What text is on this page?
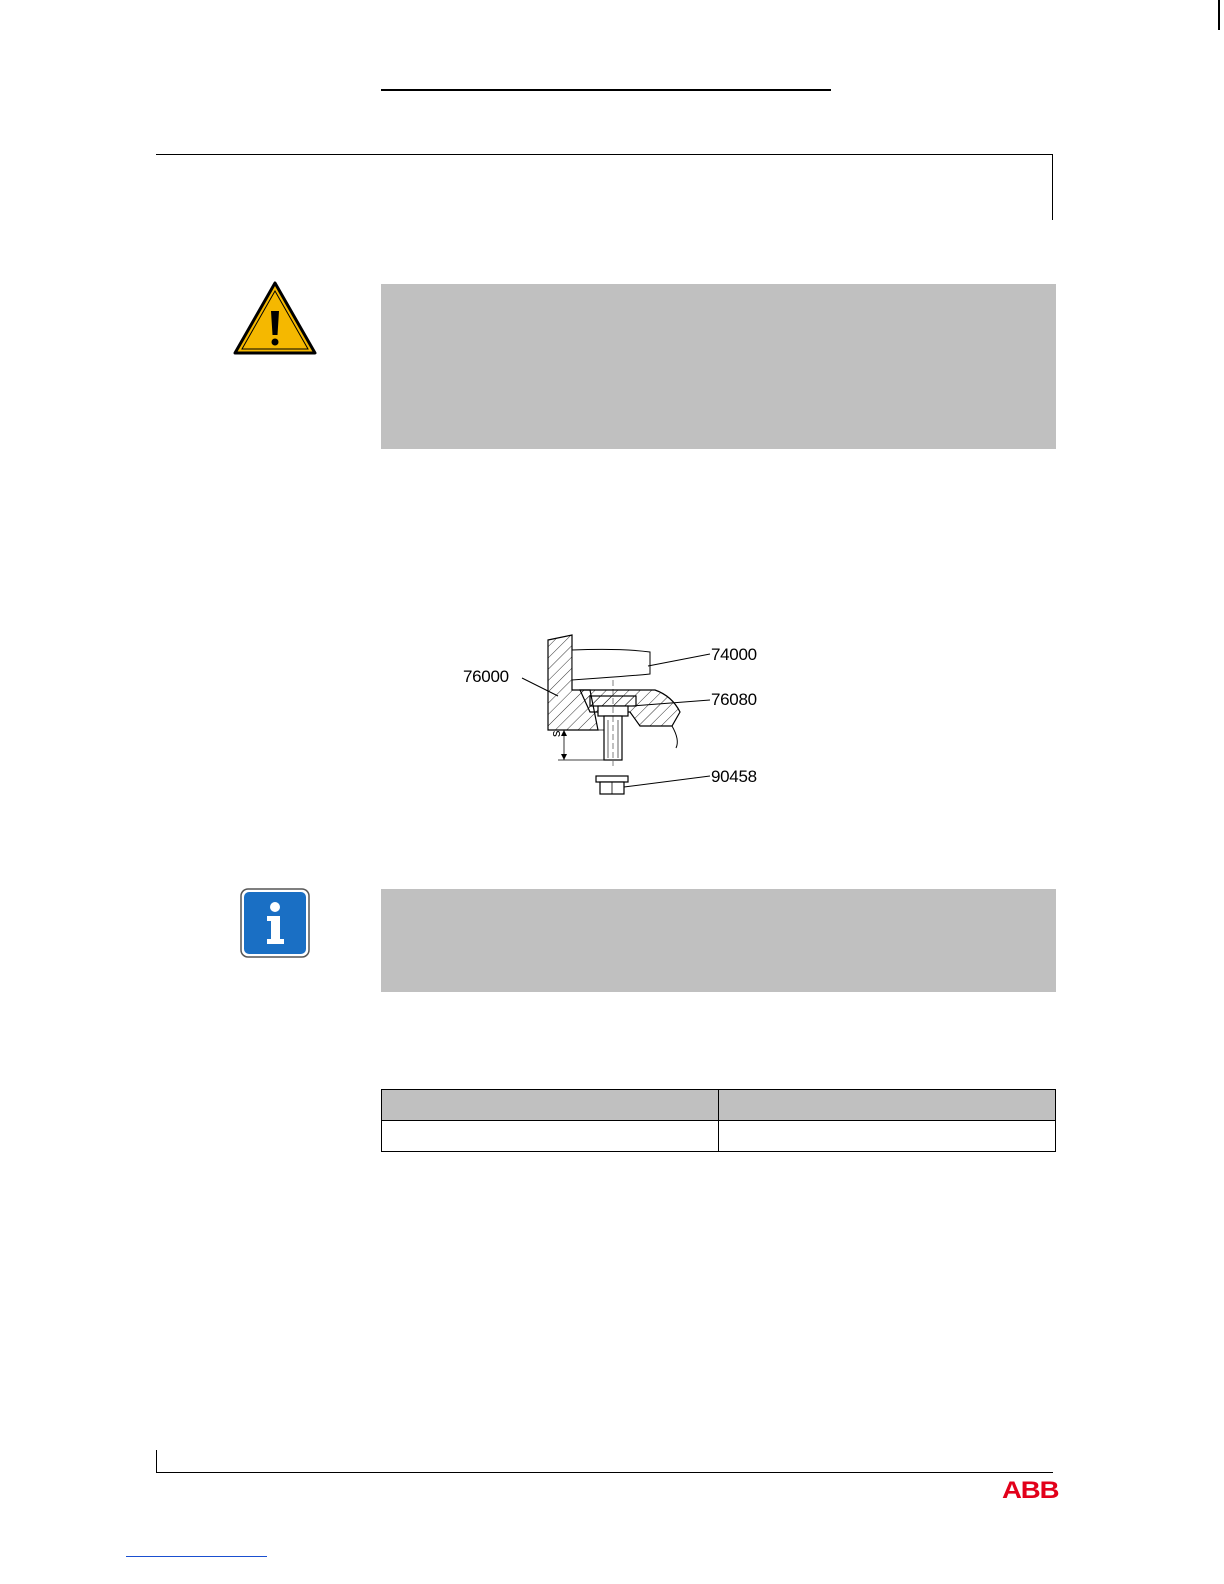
74000
76000
76080
90458
s

ABB
